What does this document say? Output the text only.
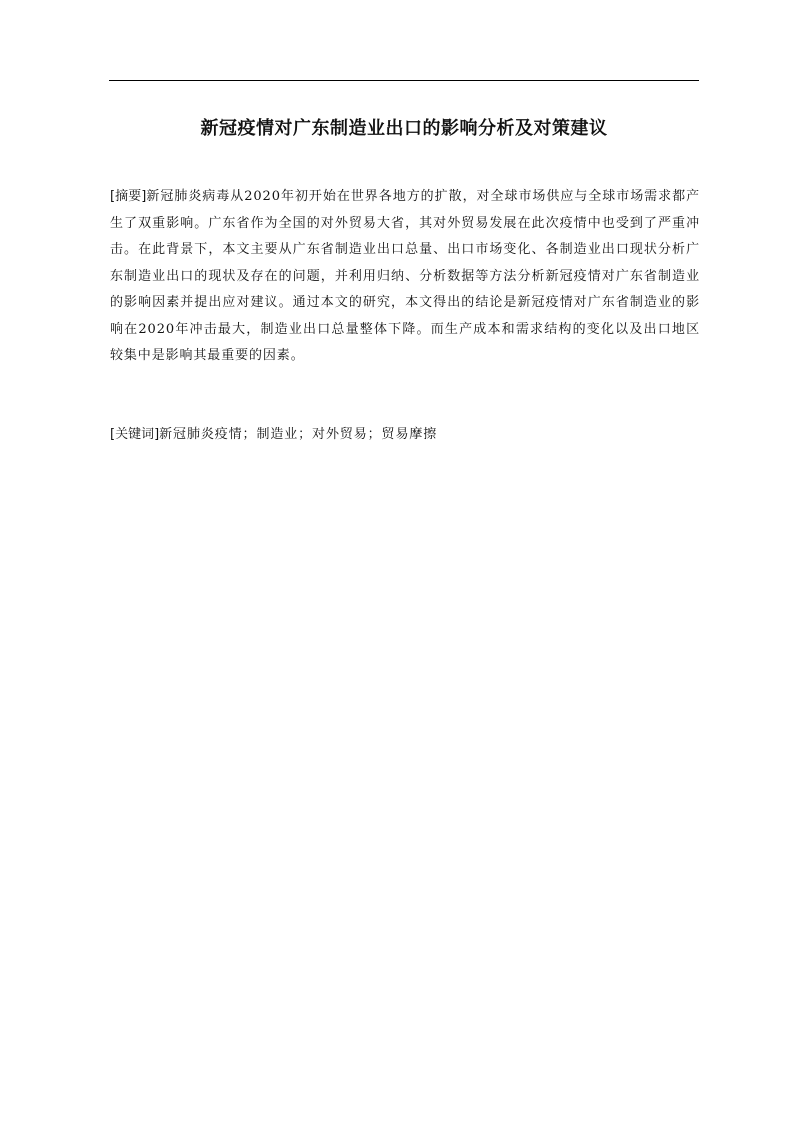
新冠疫情对广东制造业出口的影响分析及对策建议

[摘要]新冠肺炎病毒从2020年初开始在世界各地方的扩散，对全球市场供应与全球市场需求都产生了双重影响。广东省作为全国的对外贸易大省，其对外贸易发展在此次疫情中也受到了严重冲击。在此背景下，本文主要从广东省制造业出口总量、出口市场变化、各制造业出口现状分析广东制造业出口的现状及存在的问题，并利用归纳、分析数据等方法分析新冠疫情对广东省制造业的影响因素并提出应对建议。通过本文的研究，本文得出的结论是新冠疫情对广东省制造业的影响在2020年冲击最大，制造业出口总量整体下降。而生产成本和需求结构的变化以及出口地区较集中是影响其最重要的因素。

[关键词]新冠肺炎疫情；制造业；对外贸易；贸易摩擦
